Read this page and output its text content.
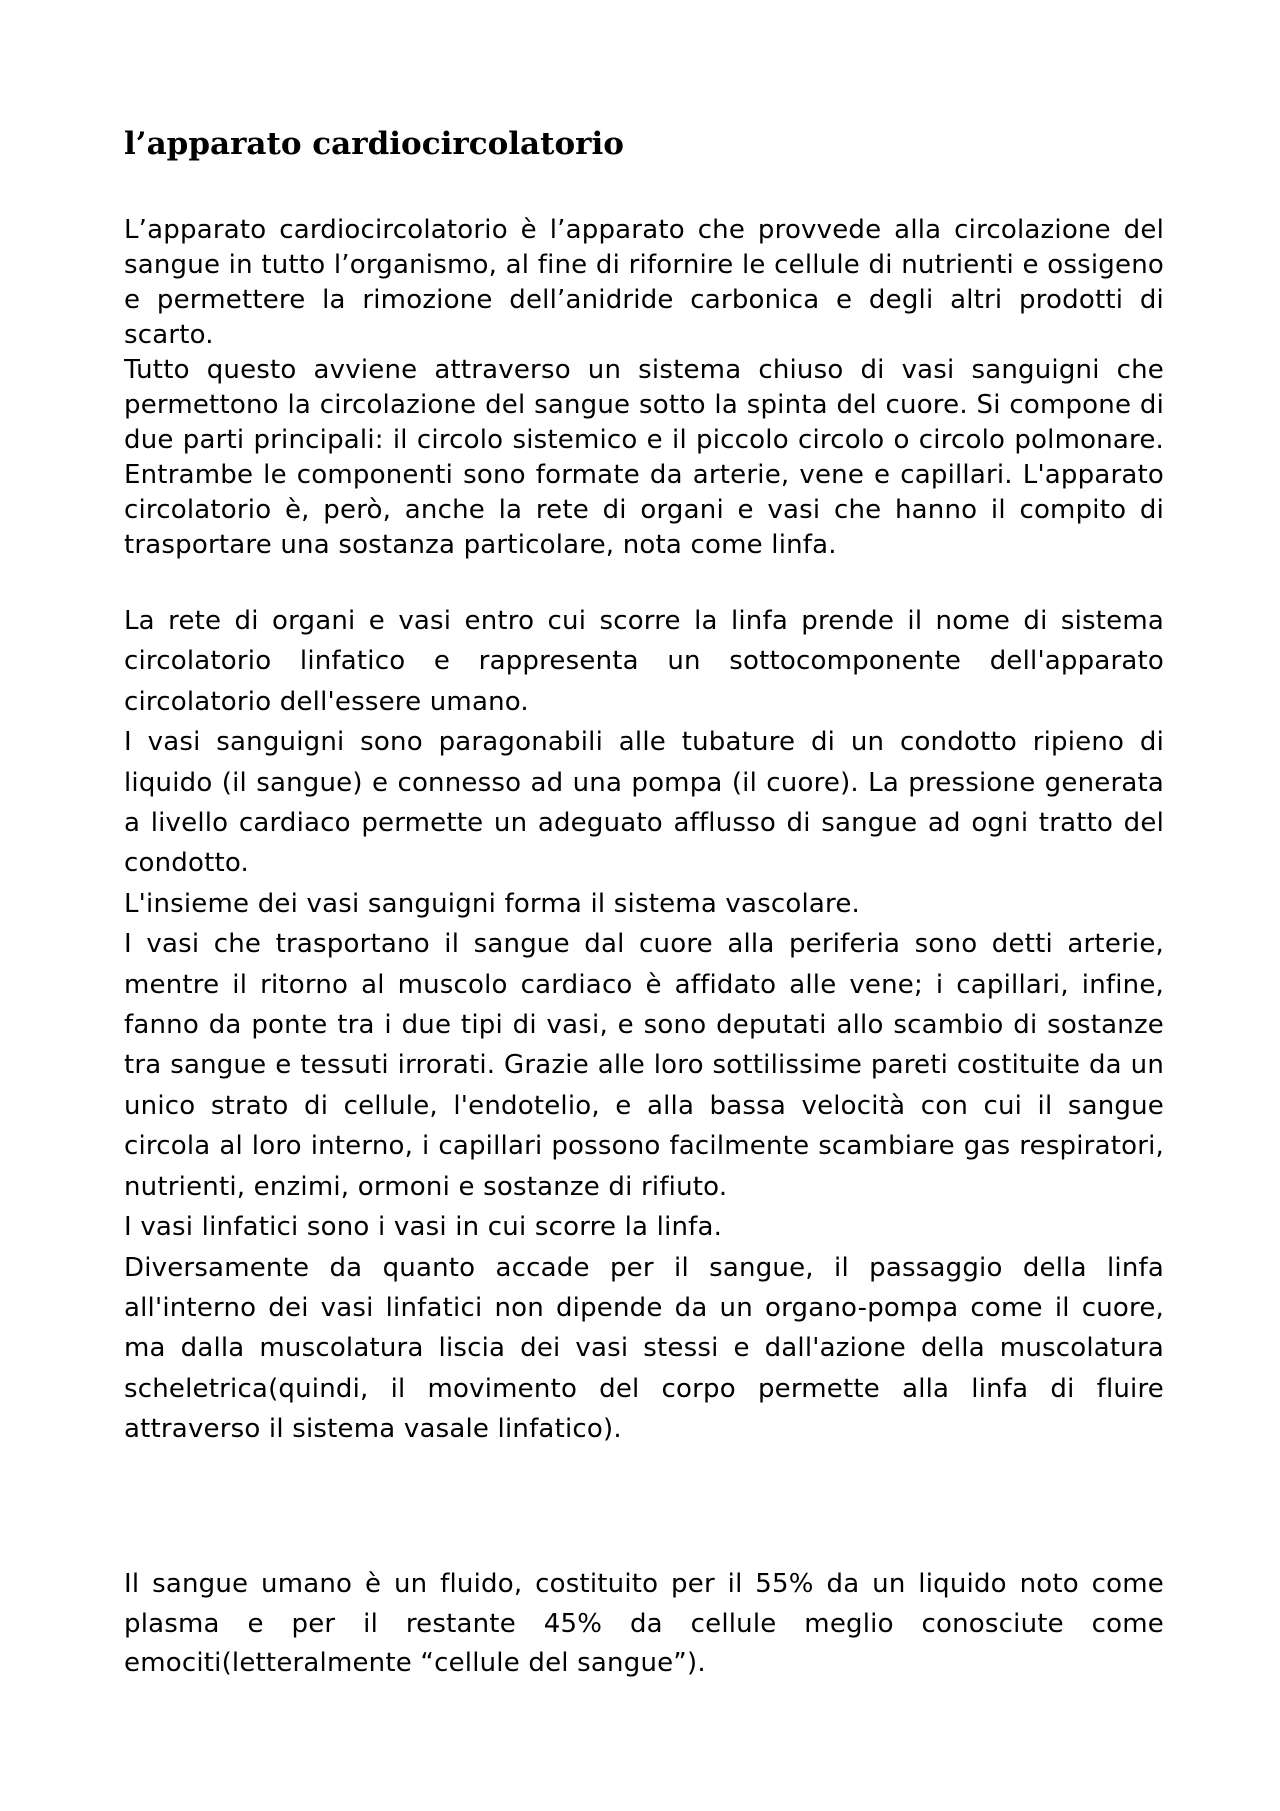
l’apparato cardiocircolatorio

L’apparato cardiocircolatorio è l’apparato che provvede alla circolazione del sangue in tutto l’organismo, al fine di rifornire le cellule di nutrienti e ossigeno e permettere la rimozione dell’anidride carbonica e degli altri prodotti di scarto.

Tutto questo avviene attraverso un sistema chiuso di vasi sanguigni che permettono la circolazione del sangue sotto la spinta del cuore. Si compone di due parti principali: il circolo sistemico e il piccolo circolo o circolo polmonare. Entrambe le componenti sono formate da arterie, vene e capillari. L'apparato circolatorio è, però, anche la rete di organi e vasi che hanno il compito di trasportare una sostanza particolare, nota come linfa.

La rete di organi e vasi entro cui scorre la linfa prende il nome di sistema circolatorio linfatico e rappresenta un sottocomponente dell'apparato circolatorio dell'essere umano.

I vasi sanguigni sono paragonabili alle tubature di un condotto ripieno di liquido (il sangue) e connesso ad una pompa (il cuore). La pressione generata a livello cardiaco permette un adeguato afflusso di sangue ad ogni tratto del condotto.

L'insieme dei vasi sanguigni forma il sistema vascolare.

I vasi che trasportano il sangue dal cuore alla periferia sono detti arterie, mentre il ritorno al muscolo cardiaco è affidato alle vene; i capillari, infine, fanno da ponte tra i due tipi di vasi, e sono deputati allo scambio di sostanze tra sangue e tessuti irrorati. Grazie alle loro sottilissime pareti costituite da un unico strato di cellule, l'endotelio, e alla bassa velocità con cui il sangue circola al loro interno, i capillari possono facilmente scambiare gas respiratori, nutrienti, enzimi, ormoni e sostanze di rifiuto.

I vasi linfatici sono i vasi in cui scorre la linfa.

Diversamente da quanto accade per il sangue, il passaggio della linfa all'interno dei vasi linfatici non dipende da un organo-pompa come il cuore, ma dalla muscolatura liscia dei vasi stessi e dall'azione della muscolatura scheletrica(quindi, il movimento del corpo permette alla linfa di fluire attraverso il sistema vasale linfatico).

Il sangue umano è un fluido, costituito per il 55% da un liquido noto come plasma e per il restante 45% da cellule meglio conosciute come emociti(letteralmente “cellule del sangue”).
